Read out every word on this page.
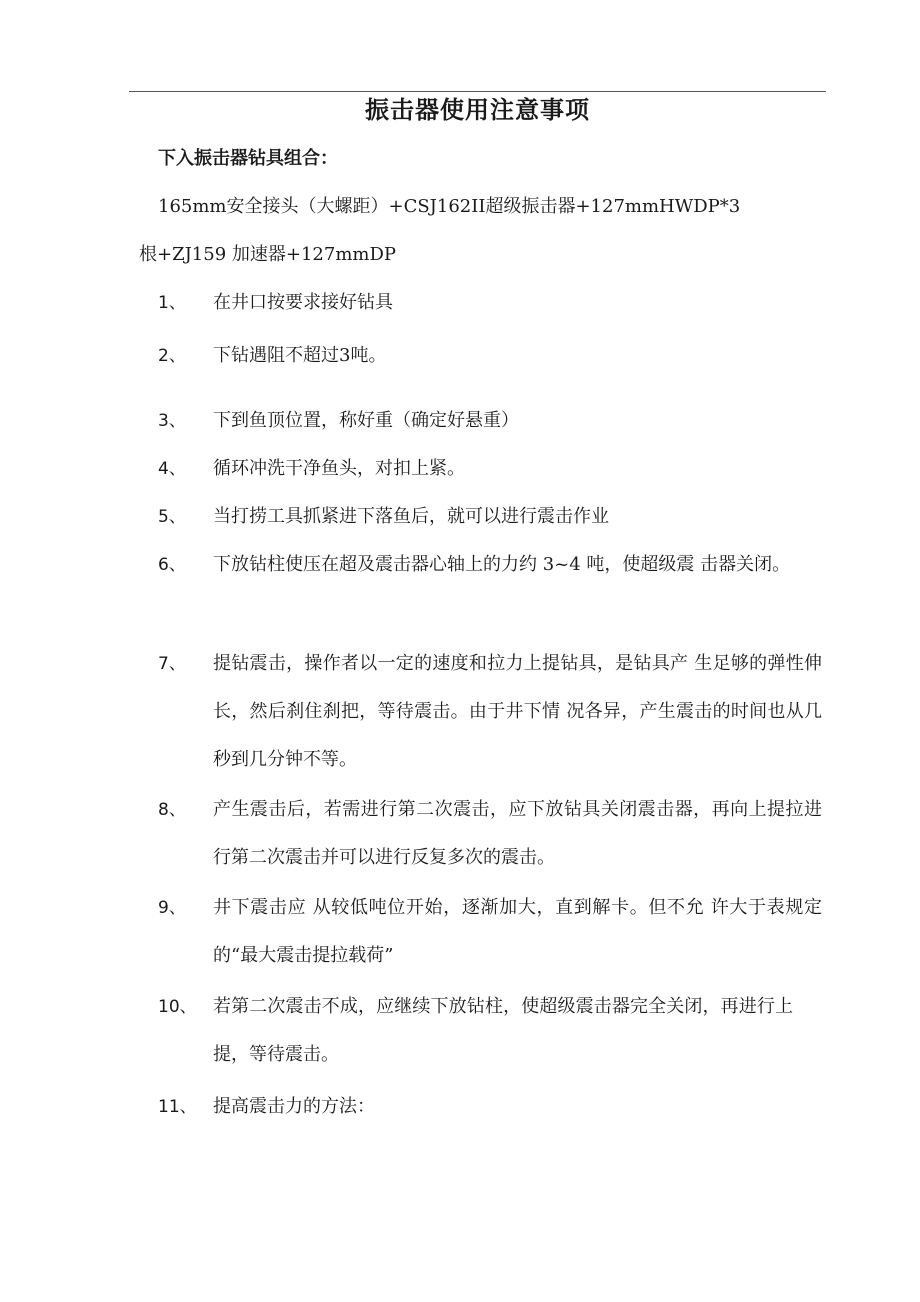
振击器使用注意事项
下入振击器钻具组合：
165mm安全接头（大螺距）+CSJ162II超级振击器+127mmHWDP*3
根+ZJ159 加速器+127mmDP
1、 在井口按要求接好钻具
2、 下钻遇阻不超过3吨。
3、 下到鱼顶位置，称好重（确定好悬重）
4、 循环冲洗干净鱼头，对扣上紧。
5、 当打捞工具抓紧进下落鱼后，就可以进行震击作业
6、 下放钻柱使压在超及震击器心轴上的力约 3~4 吨，使超级震 击器关闭。
7、 提钻震击，操作者以一定的速度和拉力上提钻具，是钻具产 生足够的弹性伸长，然后刹住刹把，等待震击。由于井下情 况各异，产生震击的时间也从几秒到几分钟不等。
8、 产生震击后，若需进行第二次震击，应下放钻具关闭震击器，再向上提拉进行第二次震击并可以进行反复多次的震击。
9、 井下震击应 从较低吨位开始，逐渐加大，直到解卡。但不允 许大于表规定的“最大震击提拉载荷”
10、 若第二次震击不成，应继续下放钻柱，使超级震击器完全关闭，再进行上提，等待震击。
11、 提高震击力的方法：
